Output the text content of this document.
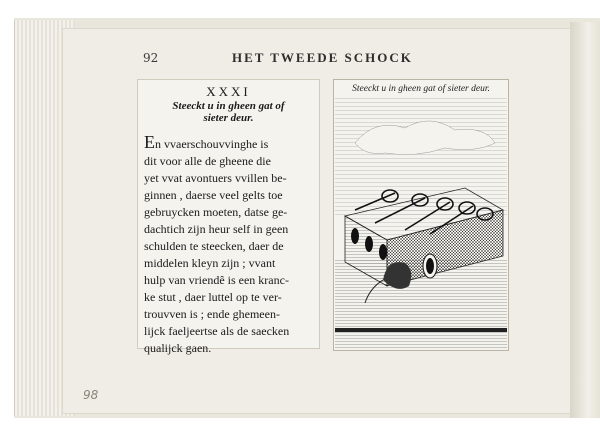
92	HET TWEEDE SCHOCK
XXXI
Steeckt u in gheen gat of
sieter deur.
En vvaerschouvvinghe is
dit voor alle de gheene die
yet vvat avontuers vvillen be-
ginnen , daerse veel gelts toe
gebruycken moeten, datse ge-
dachtich zijn heur self in geen
schulden te steecken, daer de
middelen kleyn zijn ; vvant
hulp van vriendê is een kranc-
ke stut , daer luttel op te ver-
trouvven is ; ende ghemeen-
lijck faeljeertse als de saecken
qualijck gaen.
Steeckt u in gheen gat of sieter deur.
98
